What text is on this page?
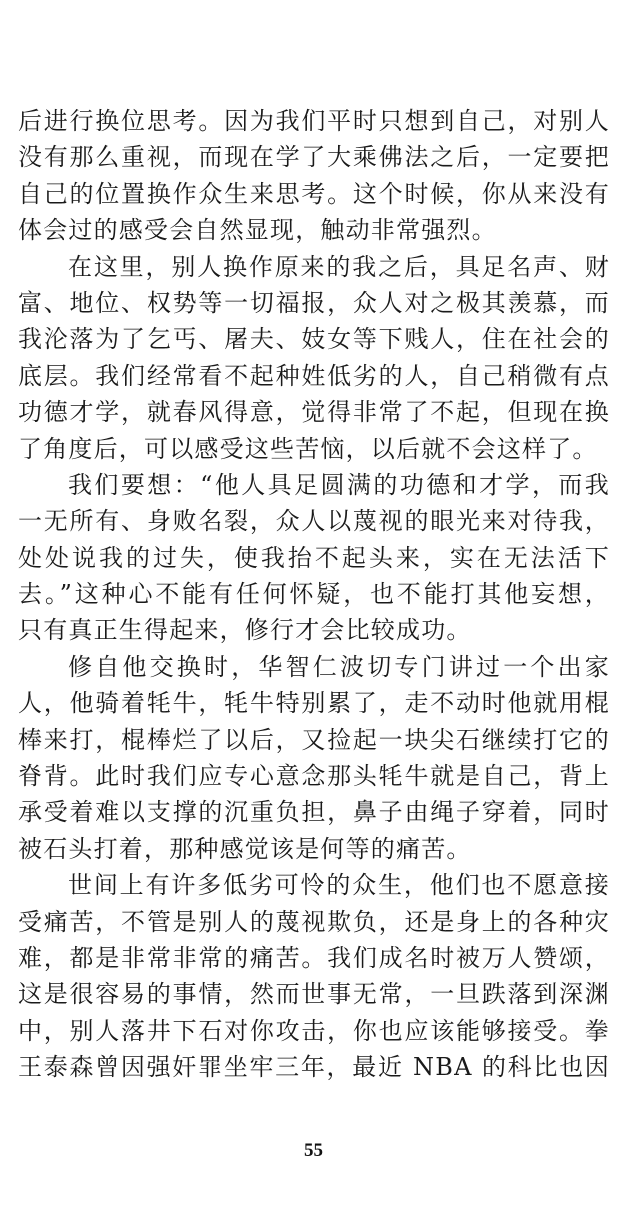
后进行换位思考。因为我们平时只想到自己，对别人
没有那么重视，而现在学了大乘佛法之后，一定要把
自己的位置换作众生来思考。这个时候，你从来没有
体会过的感受会自然显现，触动非常强烈。
在这里，别人换作原来的我之后，具足名声、财
富、地位、权势等一切福报，众人对之极其羡慕，而
我沦落为了乞丐、屠夫、妓女等下贱人，住在社会的
底层。我们经常看不起种姓低劣的人，自己稍微有点
功德才学，就春风得意，觉得非常了不起，但现在换
了角度后，可以感受这些苦恼，以后就不会这样了。
我们要想：“他人具足圆满的功德和才学，而我
一无所有、身败名裂，众人以蔑视的眼光来对待我，
处处说我的过失，使我抬不起头来，实在无法活下
去。”这种心不能有任何怀疑，也不能打其他妄想，
只有真正生得起来，修行才会比较成功。
修自他交换时，华智仁波切专门讲过一个出家
人，他骑着牦牛，牦牛特别累了，走不动时他就用棍
棒来打，棍棒烂了以后，又捡起一块尖石继续打它的
脊背。此时我们应专心意念那头牦牛就是自己，背上
承受着难以支撑的沉重负担，鼻子由绳子穿着，同时
被石头打着，那种感觉该是何等的痛苦。
世间上有许多低劣可怜的众生，他们也不愿意接
受痛苦，不管是别人的蔑视欺负，还是身上的各种灾
难，都是非常非常的痛苦。我们成名时被万人赞颂，
这是很容易的事情，然而世事无常，一旦跌落到深渊
中，别人落井下石对你攻击，你也应该能够接受。拳
王泰森曾因强奸罪坐牢三年，最近 NBA 的科比也因
55
